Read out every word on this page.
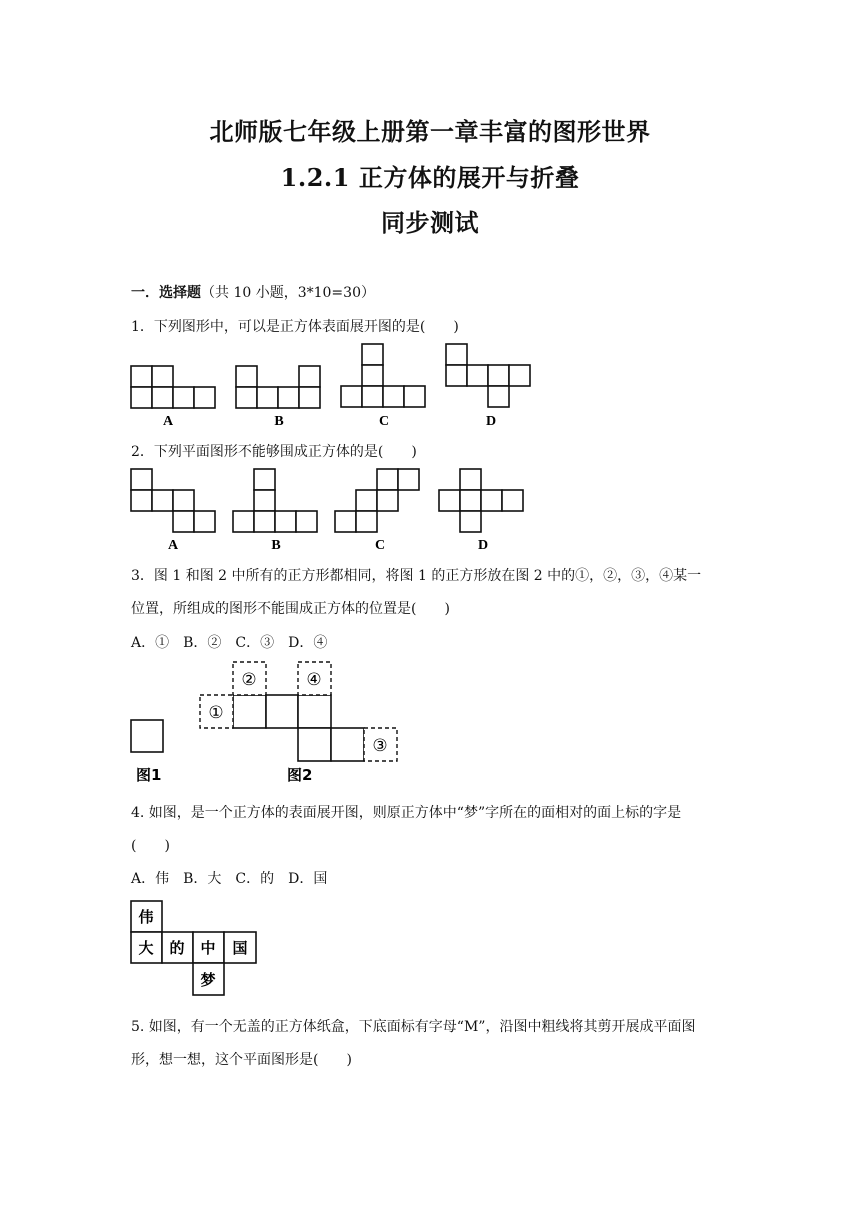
北师版七年级上册第一章丰富的图形世界
1.2.1 正方体的展开与折叠
同步测试
一．选择题（共 10 小题，3*10=30）
1．下列图形中，可以是正方体表面展开图的是(　　)
A	B	C	D
2．下列平面图形不能够围成正方体的是(　　)
A	B	C	D
3．图 1 和图 2 中所有的正方形都相同，将图 1 的正方形放在图 2 中的①，②，③，④某一
位置，所组成的图形不能围成正方体的位置是(　　)
A．①　B．②　C．③　D．④
①
②
③
④
图1	图2
4. 如图，是一个正方体的表面展开图，则原正方体中“梦”字所在的面相对的面上标的字是
(　　)
A．伟　B．大　C．的　D．国
伟
大 的 中 国
梦
5. 如图，有一个无盖的正方体纸盒，下底面标有字母“M”，沿图中粗线将其剪开展成平面图
形，想一想，这个平面图形是(　　)
